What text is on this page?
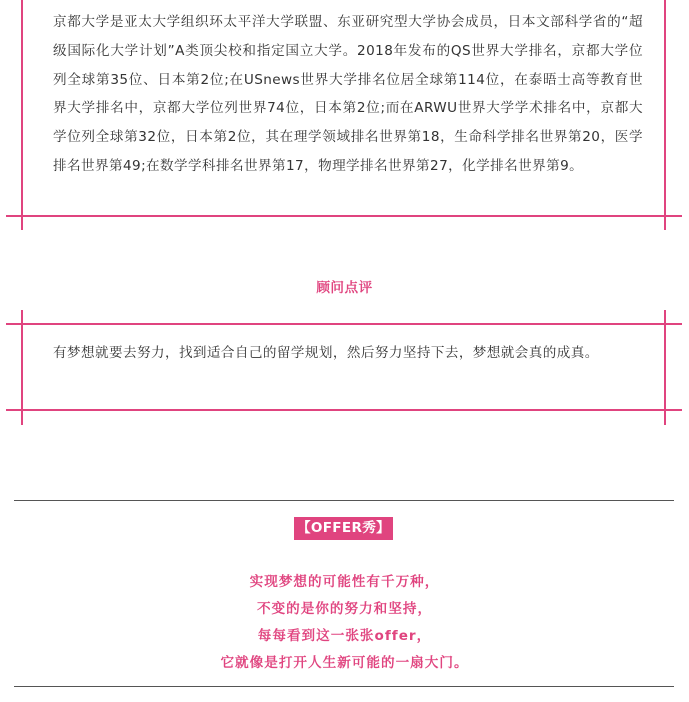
京都大学是亚太大学组织环太平洋大学联盟、东亚研究型大学协会成员，日本文部科学省的“超级国际化大学计划”A类顶尖校和指定国立大学。2018年发布的QS世界大学排名，京都大学位列全球第35位、日本第2位;在USnews世界大学排名位居全球第114位，在泰晤士高等教育世界大学排名中，京都大学位列世界74位，日本第2位;而在ARWU世界大学学术排名中，京都大学位列全球第32位，日本第2位，其在理学领域排名世界第18，生命科学排名世界第20，医学排名世界第49;在数学学科排名世界第17，物理学排名世界第27，化学排名世界第9。

顾问点评

有梦想就要去努力，找到适合自己的留学规划，然后努力坚持下去，梦想就会真的成真。

【OFFER秀】
实现梦想的可能性有千万种，
不变的是你的努力和坚持，
每每看到这一张张offer，
它就像是打开人生新可能的一扇大门。
